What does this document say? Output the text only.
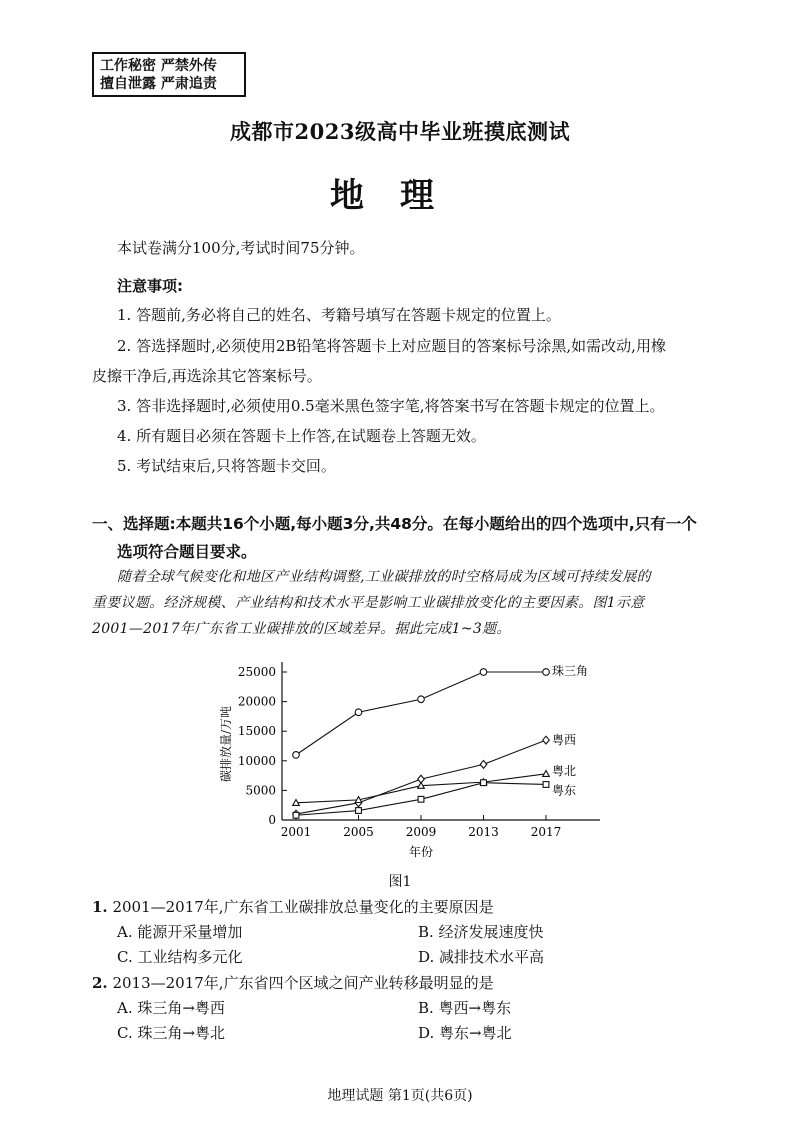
工作秘密 严禁外传
擅自泄露 严肃追责
成都市2023级高中毕业班摸底测试
地理
本试卷满分100分,考试时间75分钟。
注意事项:
1. 答题前,务必将自己的姓名、考籍号填写在答题卡规定的位置上。
2. 答选择题时,必须使用2B铅笔将答题卡上对应题目的答案标号涂黑,如需改动,用橡
皮擦干净后,再选涂其它答案标号。
3. 答非选择题时,必须使用0.5毫米黑色签字笔,将答案书写在答题卡规定的位置上。
4. 所有题目必须在答题卡上作答,在试题卷上答题无效。
5. 考试结束后,只将答题卡交回。
一、选择题:本题共16个小题,每小题3分,共48分。在每小题给出的四个选项中,只有一个
选项符合题目要求。
随着全球气候变化和地区产业结构调整,工业碳排放的时空格局成为区域可持续发展的
重要议题。经济规模、产业结构和技术水平是影响工业碳排放变化的主要因素。图1示意
2001—2017年广东省工业碳排放的区域差异。据此完成1~3题。
0
5000
10000
15000
20000
25000
2001	2005	2009	2013	2017
年份
碳排放量/万吨
珠三角
粤西
粤北
粤东
图1
1. 2001—2017年,广东省工业碳排放总量变化的主要原因是
A. 能源开采量增加	B. 经济发展速度快
C. 工业结构多元化	D. 减排技术水平高
2. 2013—2017年,广东省四个区域之间产业转移最明显的是
A. 珠三角→粤西	B. 粤西→粤东
C. 珠三角→粤北	D. 粤东→粤北
地理试题 第1页(共6页)
